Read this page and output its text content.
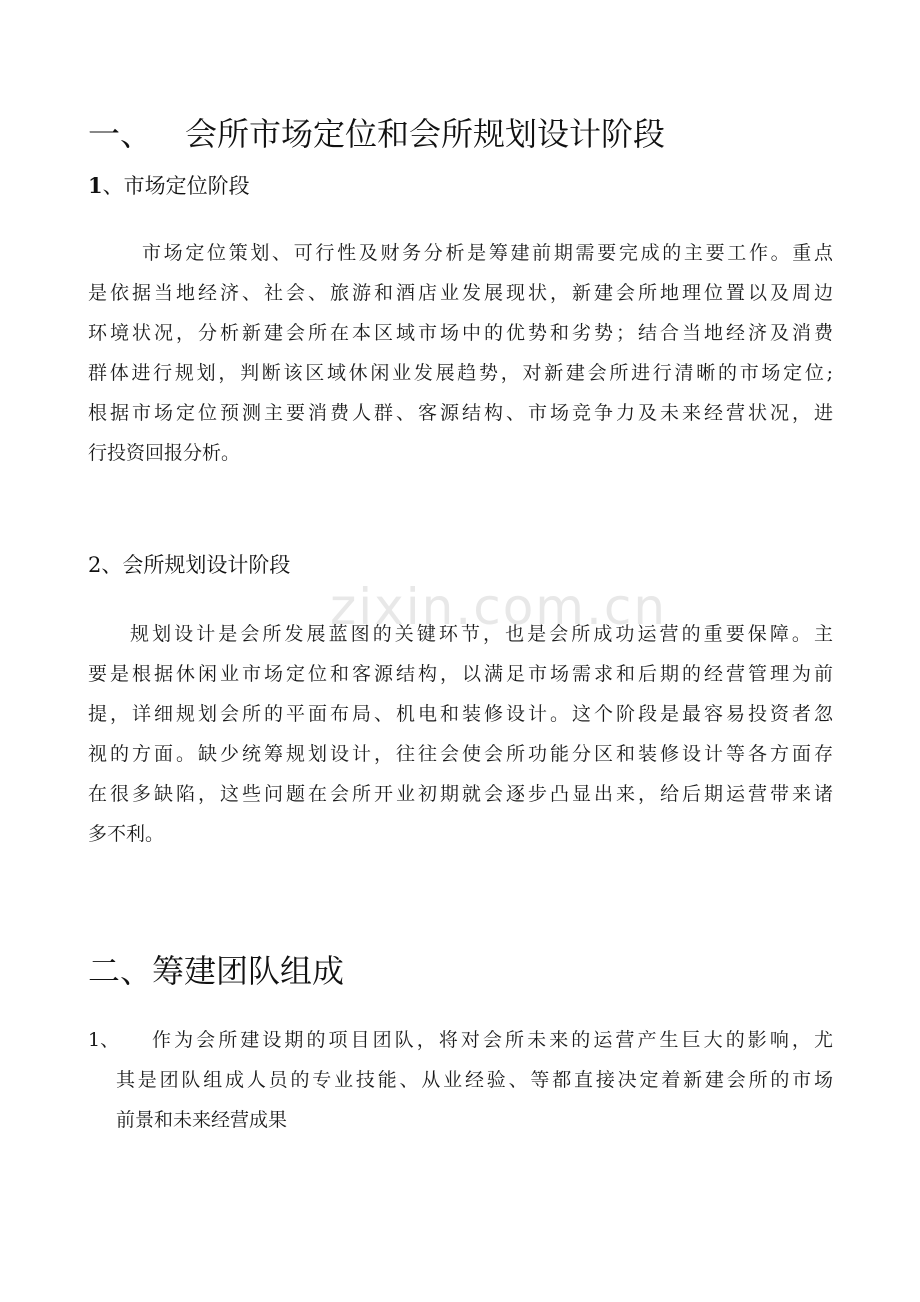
zixin.com.cn
一、 会所市场定位和会所规划设计阶段
1、市场定位阶段
市场定位策划、可行性及财务分析是筹建前期需要完成的主要工作。重点
是依据当地经济、社会、旅游和酒店业发展现状，新建会所地理位置以及周边
环境状况，分析新建会所在本区域市场中的优势和劣势；结合当地经济及消费
群体进行规划，判断该区域休闲业发展趋势，对新建会所进行清晰的市场定位;
根据市场定位预测主要消费人群、客源结构、市场竞争力及未来经营状况，进
行投资回报分析。
2、会所规划设计阶段
规划设计是会所发展蓝图的关键环节，也是会所成功运营的重要保障。主
要是根据休闲业市场定位和客源结构，以满足市场需求和后期的经营管理为前
提，详细规划会所的平面布局、机电和装修设计。这个阶段是最容易投资者忽
视的方面。缺少统筹规划设计，往往会使会所功能分区和装修设计等各方面存
在很多缺陷，这些问题在会所开业初期就会逐步凸显出来，给后期运营带来诸
多不利。
二、筹建团队组成
1、 作为会所建设期的项目团队，将对会所未来的运营产生巨大的影响，尤
其是团队组成人员的专业技能、从业经验、等都直接决定着新建会所的市场
前景和未来经营成果
